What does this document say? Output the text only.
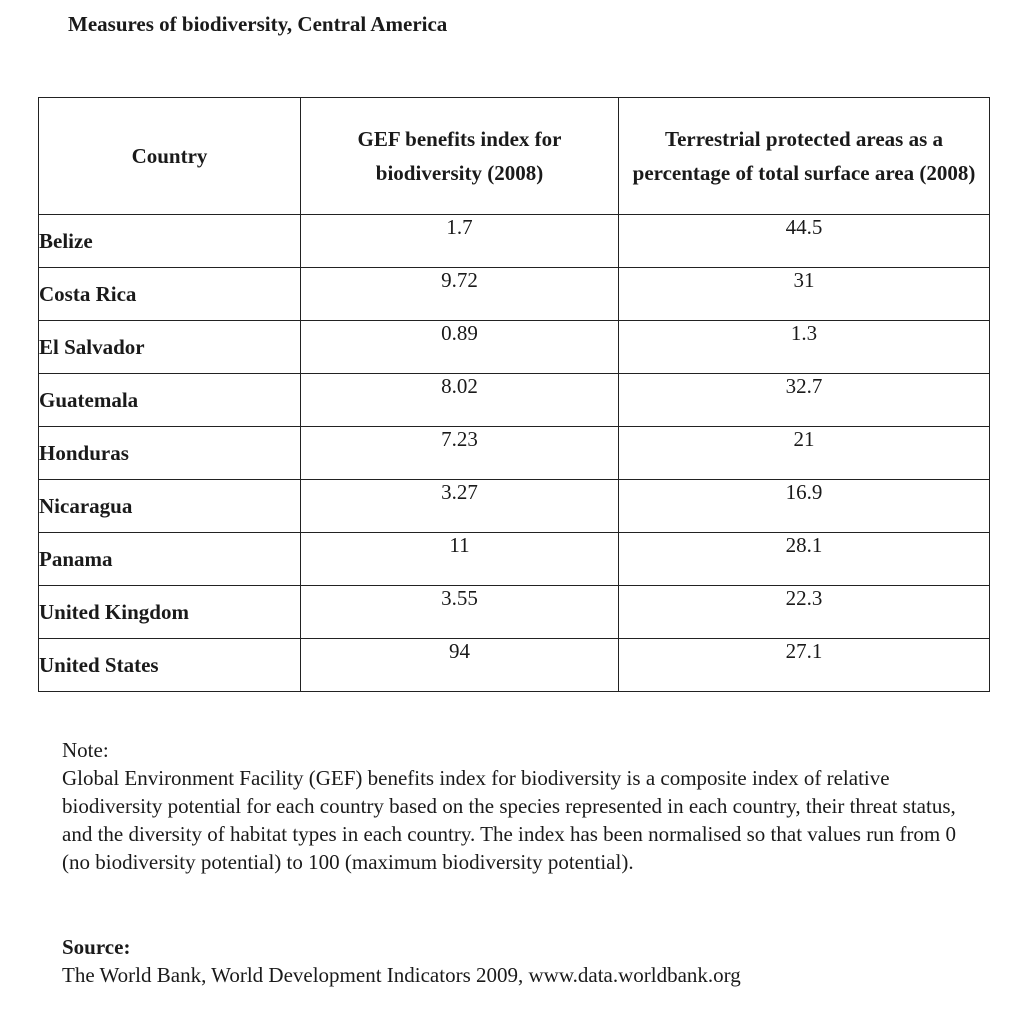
Measures of biodiversity, Central America
Country	GEF benefits index for biodiversity (2008)	Terrestrial protected areas as a percentage of total surface area (2008)
Belize	1.7	44.5
Costa Rica	9.72	31
El Salvador	0.89	1.3
Guatemala	8.02	32.7
Honduras	7.23	21
Nicaragua	3.27	16.9
Panama	11	28.1
United Kingdom	3.55	22.3
United States	94	27.1
Note:
Global Environment Facility (GEF) benefits index for biodiversity is a composite index of relative biodiversity potential for each country based on the species represented in each country, their threat status, and the diversity of habitat types in each country. The index has been normalised so that values run from 0 (no biodiversity potential) to 100 (maximum biodiversity potential).
Source:
The World Bank, World Development Indicators 2009, www.data.worldbank.org
